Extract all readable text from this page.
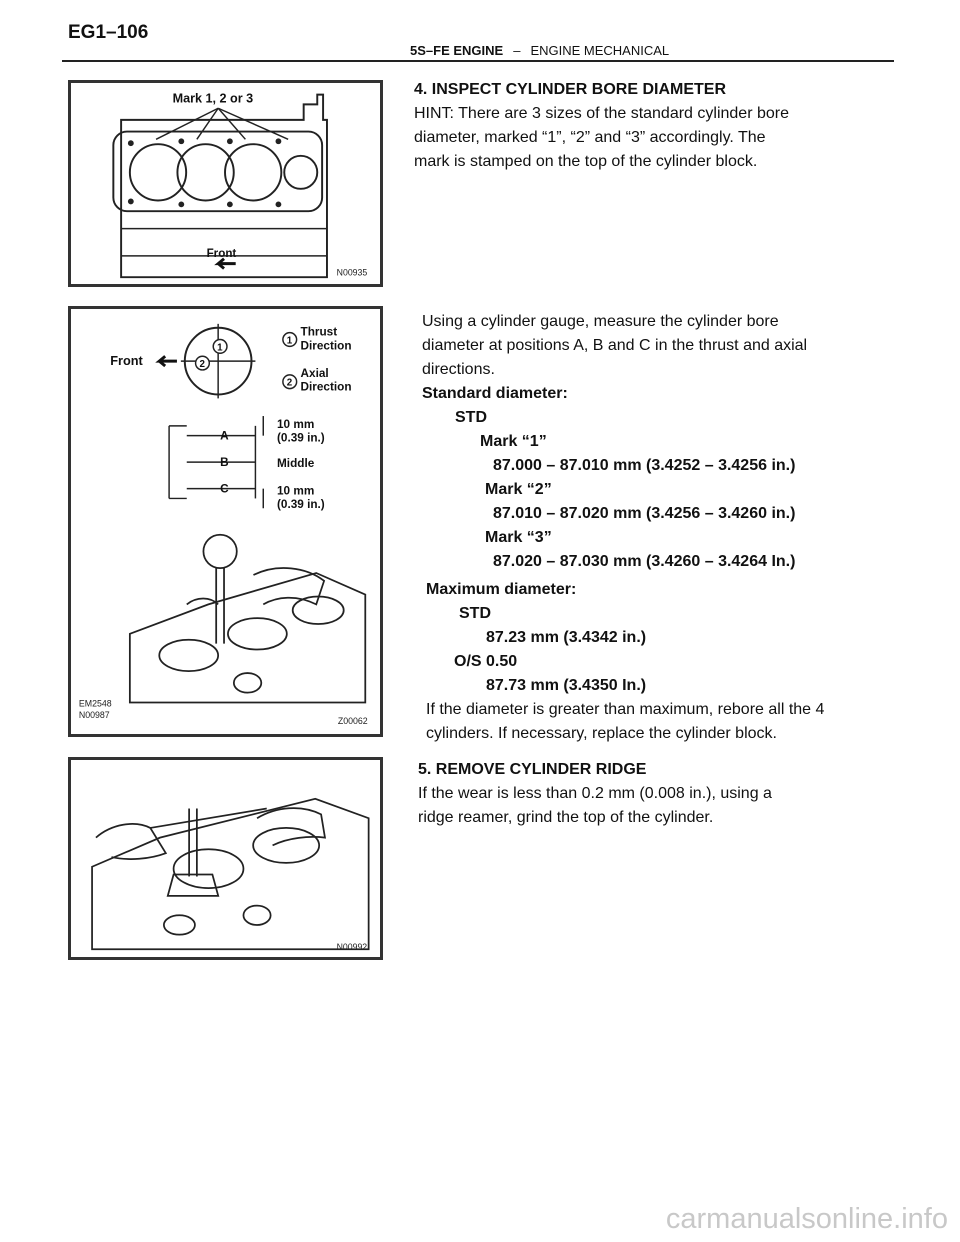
EG1–106
5S–FE ENGINE – ENGINE MECHANICAL
Mark 1, 2 or 3
Front
N00935
Front
1
2
1
Thrust
Direction
2
Axial
Direction
A
B
C
10 mm
(0.39 in.)
Middle
10 mm
(0.39 in.)
EM2548
N00987
Z00062
N00992
4. INSPECT CYLINDER BORE DIAMETER
HINT: There are 3 sizes of the standard cylinder bore
diameter, marked “1”, “2” and “3” accordingly. The
mark is stamped on the top of the cylinder block.
Using a cylinder gauge, measure the cylinder bore
diameter at positions A, B and C in the thrust and axial
directions.
Standard diameter:
STD
Mark “1”
87.000 – 87.010 mm (3.4252 – 3.4256 in.)
Mark “2”
87.010 – 87.020 mm (3.4256 – 3.4260 in.)
Mark “3”
87.020 – 87.030 mm (3.4260 – 3.4264 In.)
Maximum diameter:
STD
87.23 mm (3.4342 in.)
O/S 0.50
87.73 mm (3.4350 In.)
If the diameter is greater than maximum, rebore all the 4
cylinders. If necessary, replace the cylinder block.
5. REMOVE CYLINDER RIDGE
If the wear is less than 0.2 mm (0.008 in.), using a
ridge reamer, grind the top of the cylinder.
carmanualsonline.info
